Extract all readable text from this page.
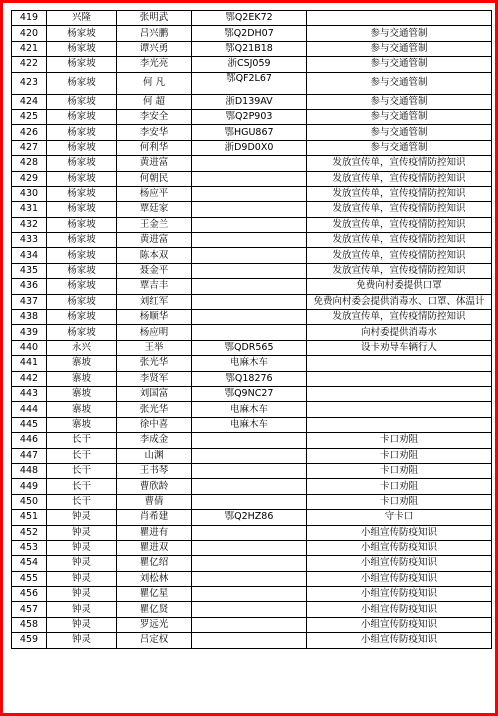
419	兴隆	张明武	鄂Q2EK72	
420	杨家坡	吕兴鹏	鄂Q2DH07	参与交通管制
421	杨家坡	谭兴勇	鄂Q21B18	参与交通管制
422	杨家坡	李光亮	浙CSJ059	参与交通管制
423	杨家坡	何 凡	鄂QF2L67	参与交通管制
424	杨家坡	何 超	浙D139AV	参与交通管制
425	杨家坡	李安全	鄂Q2P903	参与交通管制
426	杨家坡	李安华	鄂HGU867	参与交通管制
427	杨家坡	何利华	浙D9D0X0	参与交通管制
428	杨家坡	黄进富		发放宣传单，宣传疫情防控知识
429	杨家坡	何朝民		发放宣传单，宣传疫情防控知识
430	杨家坡	杨应平		发放宣传单，宣传疫情防控知识
431	杨家坡	覃廷家		发放宣传单，宣传疫情防控知识
432	杨家坡	王金兰		发放宣传单，宣传疫情防控知识
433	杨家坡	黄进富		发放宣传单，宣传疫情防控知识
434	杨家坡	陈本双		发放宣传单，宣传疫情防控知识
435	杨家坡	聂金平		发放宣传单，宣传疫情防控知识
436	杨家坡	覃吉丰		免费向村委提供口罩
437	杨家坡	刘红军		免费向村委会提供消毒水、口罩、体温计
438	杨家坡	杨顺华		发放宣传单，宣传疫情防控知识
439	杨家坡	杨应明		向村委提供消毒水
440	永兴	王举	鄂QDR565	设卡劝导车辆行人
441	寨坡	张光华	电麻木车	
442	寨坡	李贤军	鄂Q18276	
443	寨坡	刘国富	鄂Q9NC27	
444	寨坡	张光华	电麻木车	
445	寨坡	徐中喜	电麻木车	
446	长干	李成金		卡口劝阻
447	长干	山渊		卡口劝阻
448	长干	王书琴		卡口劝阻
449	长干	曹欣龄		卡口劝阻
450	长干	曹倩		卡口劝阻
451	钟灵	肖希建	鄂Q2HZ86	守卡口
452	钟灵	瞿进有		小组宣传防疫知识
453	钟灵	瞿进双		小组宣传防疫知识
454	钟灵	瞿亿绍		小组宣传防疫知识
455	钟灵	刘松林		小组宣传防疫知识
456	钟灵	瞿亿星		小组宣传防疫知识
457	钟灵	瞿亿贤		小组宣传防疫知识
458	钟灵	罗远光		小组宣传防疫知识
459	钟灵	吕定权		小组宣传防疫知识
